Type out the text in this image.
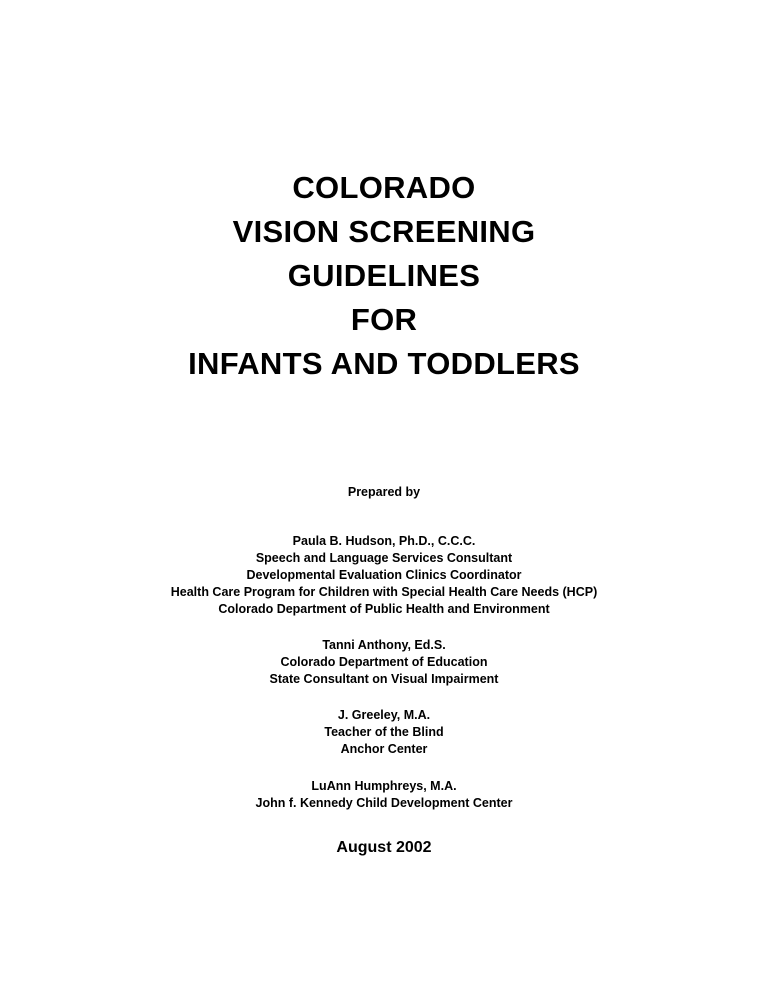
COLORADO
VISION SCREENING
GUIDELINES
FOR
INFANTS AND TODDLERS
Prepared by
Paula B. Hudson, Ph.D., C.C.C.
Speech and Language Services Consultant
Developmental Evaluation Clinics Coordinator
Health Care Program for Children with Special Health Care Needs (HCP)
Colorado Department of Public Health and Environment
Tanni Anthony, Ed.S.
Colorado Department of Education
State Consultant on Visual Impairment
J. Greeley, M.A.
Teacher of the Blind
Anchor Center
LuAnn Humphreys, M.A.
John f. Kennedy Child Development Center
August 2002
